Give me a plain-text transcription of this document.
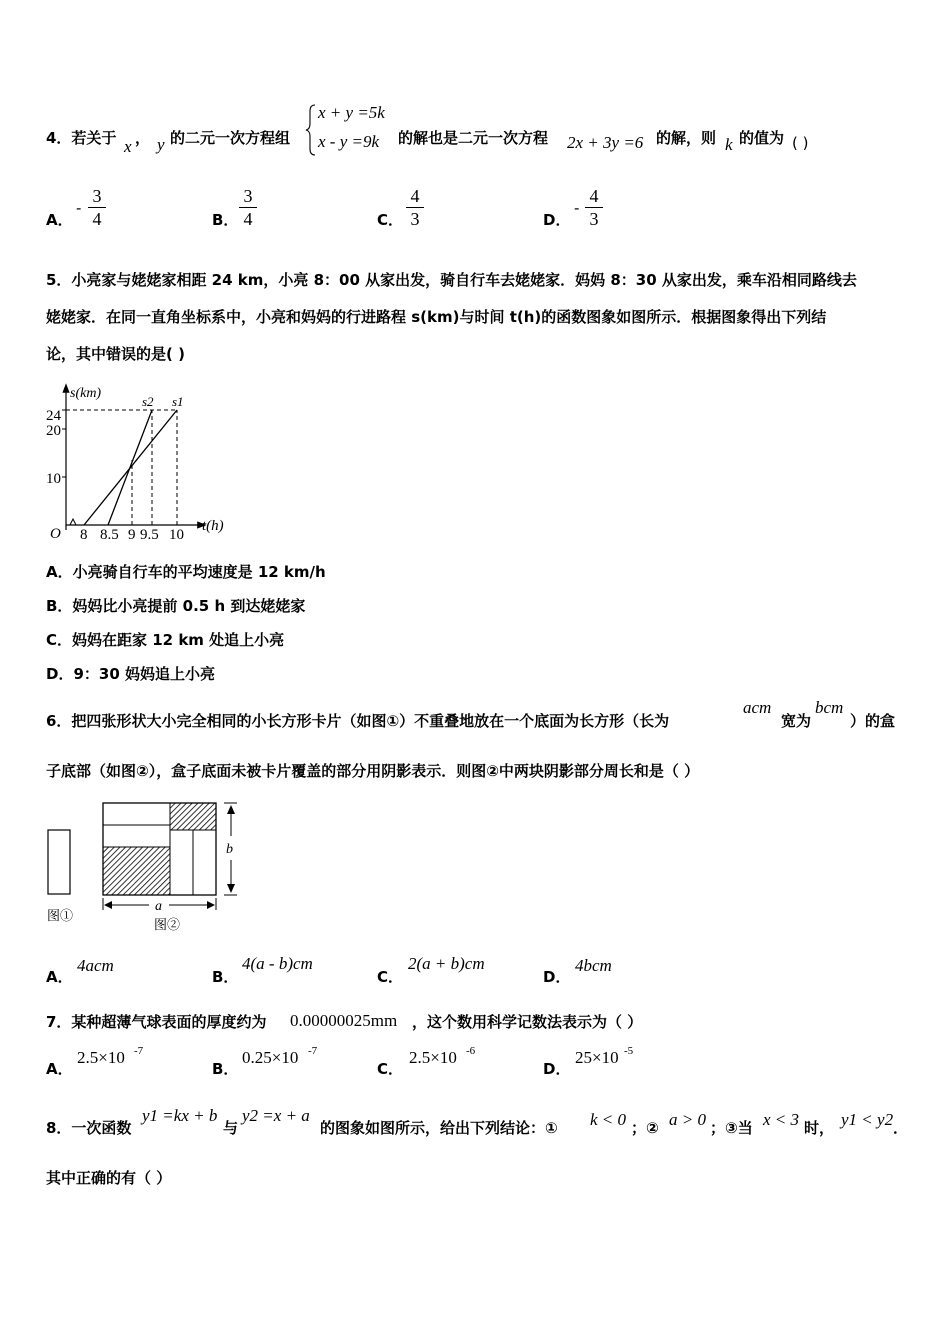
4．若关于 x ， y 的二元一次方程组
x + y =5k
x - y =9k 的解也是二元一次方程 2x + 3y =6 的解，则 k 的值为 ( )
A．
-
3
4	B．
3
4	C．
4
3	D．
-
4
3
5．小亮家与姥姥家相距 24 km，小亮 8：00 从家出发，骑自行车去姥姥家．妈妈 8：30 从家出发，乘车沿相同路线去
姥姥家．在同一直角坐标系中，小亮和妈妈的行进路程 s(km)与时间 t(h)的函数图象如图所示．根据图象得出下列结
论，其中错误的是( )
s(km)
t(h)
O
24
20
10
8 8.5 9 9.5 10
s2 s1
A．小亮骑自行车的平均速度是 12 km/h
B．妈妈比小亮提前 0.5 h 到达姥姥家
C．妈妈在距家 12 km 处追上小亮
D．9：30 妈妈追上小亮
6．把四张形状大小完全相同的小长方形卡片（如图①）不重叠地放在一个底面为长方形（长为
acm
宽为
bcm
）的盒
子底部（如图②），盒子底面未被卡片覆盖的部分用阴影表示．则图②中两块阴影部分周长和是（ ）
图①
b
a
图②
A．
4acm
B．
4(a - b)cm
C．
2(a + b)cm
D．
4bcm
7．某种超薄气球表面的厚度约为 0.00000025mm ，这个数用科学记数法表示为（ ）
A．
2.5×10 -7
B．
0.25×10 -7
C．
2.5×10 -6
D．
25×10 -5
8．一次函数
y1 =kx + b
与
y2 =x + a
的图象如图所示，给出下列结论：① k < 0 ；② a > 0 ；③当 x < 3 时， y1 < y2 ．
其中正确的有（ ）
